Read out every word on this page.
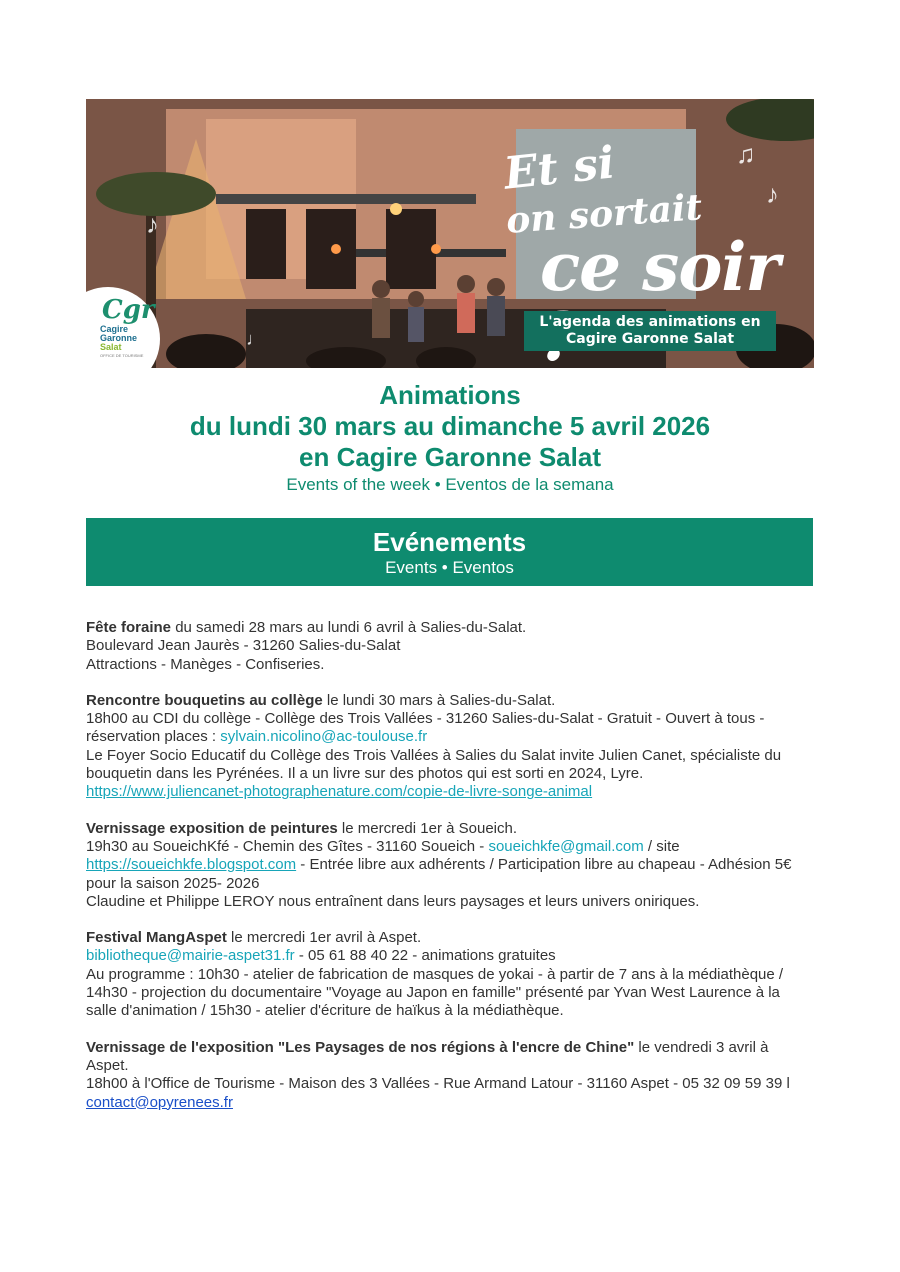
♫
♪
♪
♩
Et si
on sortait
ce soir
L'agenda des animations en
Cagire Garonne Salat
Cgr
Cagire
Garonne
Salat
OFFICE DE TOURISME
Animations
du lundi 30 mars au dimanche 5 avril 2026
en Cagire Garonne Salat
Events of the week • Eventos de la semana
Evénements
Events • Eventos
Fête foraine du samedi 28 mars au lundi 6 avril à Salies-du-Salat.
Boulevard Jean Jaurès - 31260 Salies-du-Salat
Attractions - Manèges - Confiseries.
Rencontre bouquetins au collège le lundi 30 mars à Salies-du-Salat.
18h00 au CDI du collège - Collège des Trois Vallées - 31260 Salies-du-Salat - Gratuit - Ouvert à tous - réservation places : sylvain.nicolino@ac-toulouse.fr
Le Foyer Socio Educatif du Collège des Trois Vallées à Salies du Salat invite Julien Canet, spécialiste du bouquetin dans les Pyrénées. Il a un livre sur des photos qui est sorti en 2024, Lyre.
https://www.juliencanet-photographenature.com/copie-de-livre-songe-animal
Vernissage exposition de peintures le mercredi 1er à Soueich.
19h30 au SoueichKfé - Chemin des Gîtes - 31160 Soueich - soueichkfe@gmail.com / site https://soueichkfe.blogspot.com - Entrée libre aux adhérents / Participation libre au chapeau - Adhésion 5€ pour la saison 2025- 2026
Claudine et Philippe LEROY nous entraînent dans leurs paysages et leurs univers oniriques.
Festival MangAspet le mercredi 1er avril à Aspet.
bibliotheque@mairie-aspet31.fr - 05 61 88 40 22 - animations gratuites
Au programme : 10h30 - atelier de fabrication de masques de yokai - à partir de 7 ans à la médiathèque / 14h30 - projection du documentaire "Voyage au Japon en famille" présenté par Yvan West Laurence à la salle d'animation / 15h30 - atelier d'écriture de haïkus à la médiathèque.
Vernissage de l'exposition "Les Paysages de nos régions à l'encre de Chine" le vendredi 3 avril à Aspet.
18h00 à l'Office de Tourisme - Maison des 3 Vallées - Rue Armand Latour - 31160 Aspet - 05 32 09 59 39 l contact@opyrenees.fr
